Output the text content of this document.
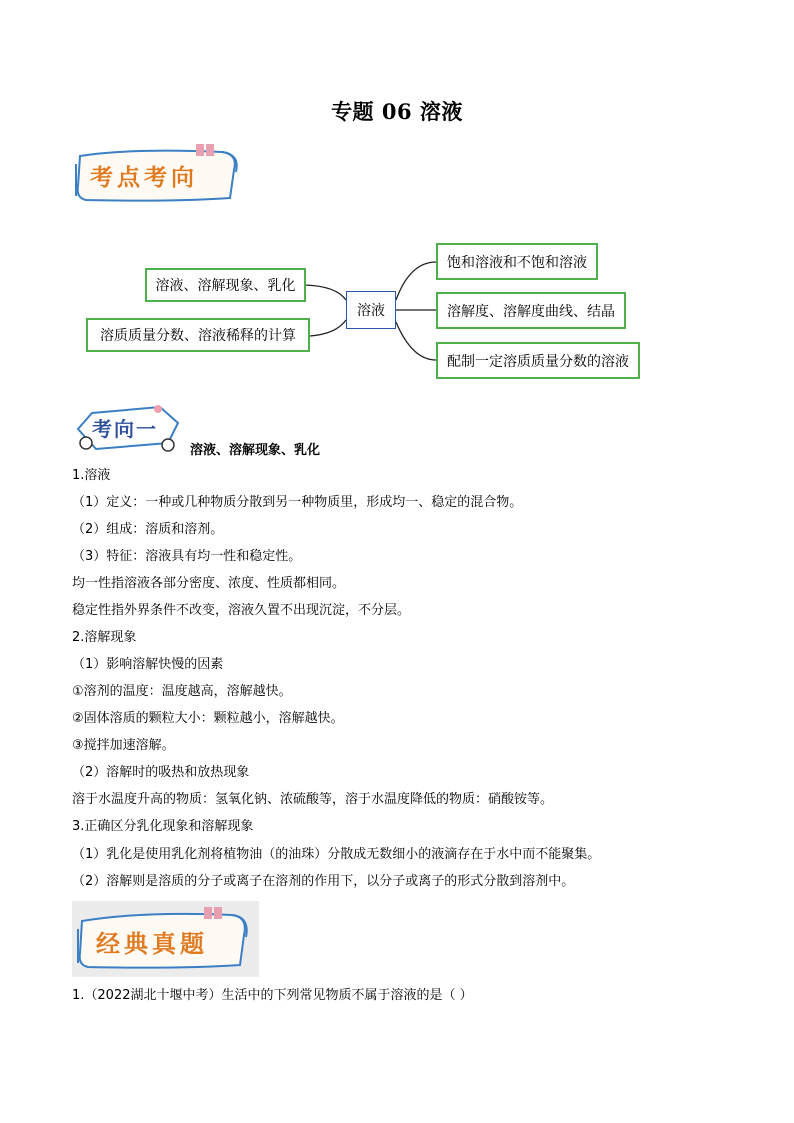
专题 06 溶液
考点考向
溶液、溶解现象、乳化
溶质质量分数、溶液稀释的计算
溶液
饱和溶液和不饱和溶液
溶解度、溶解度曲线、结晶
配制一定溶质质量分数的溶液
考向一
溶液、溶解现象、乳化
1.溶液
（1）定义：一种或几种物质分散到另一种物质里，形成均一、稳定的混合物。
（2）组成：溶质和溶剂。
（3）特征：溶液具有均一性和稳定性。
均一性指溶液各部分密度、浓度、性质都相同。
稳定性指外界条件不改变，溶液久置不出现沉淀，不分层。
2.溶解现象
（1）影响溶解快慢的因素
①溶剂的温度：温度越高，溶解越快。
②固体溶质的颗粒大小：颗粒越小，溶解越快。
③搅拌加速溶解。
（2）溶解时的吸热和放热现象
溶于水温度升高的物质：氢氧化钠、浓硫酸等，溶于水温度降低的物质：硝酸铵等。
3.正确区分乳化现象和溶解现象
（1）乳化是使用乳化剂将植物油（的油珠）分散成无数细小的液滴存在于水中而不能聚集。
（2）溶解则是溶质的分子或离子在溶剂的作用下，以分子或离子的形式分散到溶剂中。
经典真题
1.（2022湖北十堰中考）生活中的下列常见物质不属于溶液的是（ ）
